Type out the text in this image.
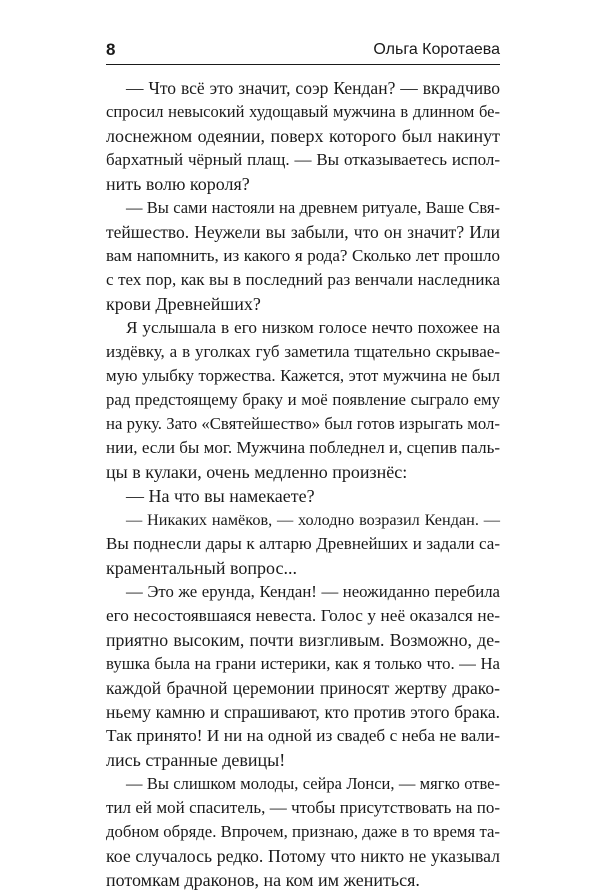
8	Ольга Коротаева
— Что всё это значит, соэр Кендан? — вкрадчиво
спросил невысокий худощавый мужчина в длинном бе-
лоснежном одеянии, поверх которого был накинут
бархатный чёрный плащ. — Вы отказываетесь испол-
нить волю короля?
— Вы сами настояли на древнем ритуале, Ваше Свя-
тейшество. Неужели вы забыли, что он значит? Или
вам напомнить, из какого я рода? Сколько лет прошло
с тех пор, как вы в последний раз венчали наследника
крови Древнейших?
Я услышала в его низком голосе нечто похожее на
издёвку, а в уголках губ заметила тщательно скрывае-
мую улыбку торжества. Кажется, этот мужчина не был
рад предстоящему браку и моё появление сыграло ему
на руку. Зато «Святейшество» был готов изрыгать мол-
нии, если бы мог. Мужчина побледнел и, сцепив паль-
цы в кулаки, очень медленно произнёс:
— На что вы намекаете?
— Никаких намёков, — холодно возразил Кендан. —
Вы поднесли дары к алтарю Древнейших и задали са-
краментальный вопрос...
— Это же ерунда, Кендан! — неожиданно перебила
его несостоявшаяся невеста. Голос у неё оказался не-
приятно высоким, почти визгливым. Возможно, де-
вушка была на грани истерики, как я только что. — На
каждой брачной церемонии приносят жертву драко-
ньему камню и спрашивают, кто против этого брака.
Так принято! И ни на одной из свадеб с неба не вали-
лись странные девицы!
— Вы слишком молоды, сейра Лонси, — мягко отве-
тил ей мой спаситель, — чтобы присутствовать на по-
добном обряде. Впрочем, признаю, даже в то время та-
кое случалось редко. Потому что никто не указывал
потомкам драконов, на ком им жениться.
